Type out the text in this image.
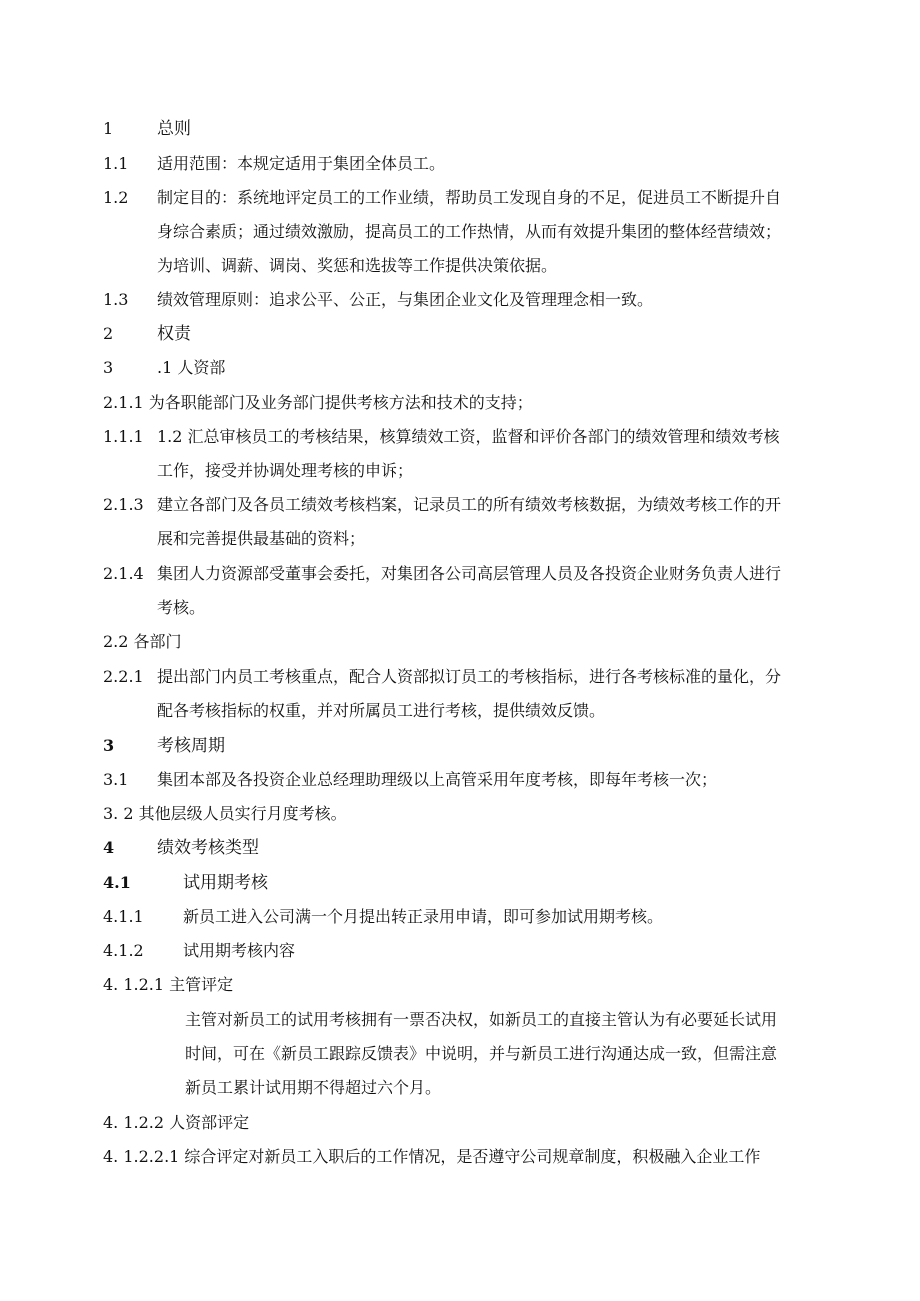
1	总则
1.1 适用范围：本规定适用于集团全体员工。
1.2 制定目的：系统地评定员工的工作业绩，帮助员工发现自身的不足，促进员工不断提升自
身综合素质；通过绩效激励，提高员工的工作热情，从而有效提升集团的整体经营绩效；
为培训、调薪、调岗、奖惩和选拔等工作提供决策依据。
1.3 绩效管理原则：追求公平、公正，与集团企业文化及管理理念相一致。
2	权责
3	.1 人资部
2.1.1 为各职能部门及业务部门提供考核方法和技术的支持；
1.1.1 1.2 汇总审核员工的考核结果，核算绩效工资，监督和评价各部门的绩效管理和绩效考核
工作，接受并协调处理考核的申诉；
2.1.3 建立各部门及各员工绩效考核档案，记录员工的所有绩效考核数据，为绩效考核工作的开
展和完善提供最基础的资料；
2.1.4 集团人力资源部受董事会委托，对集团各公司高层管理人员及各投资企业财务负责人进行
考核。
2.2 各部门
2.2.1 提出部门内员工考核重点，配合人资部拟订员工的考核指标，进行各考核标准的量化，分
配各考核指标的权重，并对所属员工进行考核，提供绩效反馈。
3	考核周期
3.1 集团本部及各投资企业总经理助理级以上高管采用年度考核，即每年考核一次；
3. 2 其他层级人员实行月度考核。
4	绩效考核类型
4.1	试用期考核
4.1.1 新员工进入公司满一个月提出转正录用申请，即可参加试用期考核。
4.1.2 试用期考核内容
4. 1.2.1 主管评定
主管对新员工的试用考核拥有一票否决权，如新员工的直接主管认为有必要延长试用
时间，可在《新员工跟踪反馈表》中说明，并与新员工进行沟通达成一致，但需注意
新员工累计试用期不得超过六个月。
4. 1.2.2 人资部评定
4. 1.2.2.1 综合评定对新员工入职后的工作情况，是否遵守公司规章制度，积极融入企业工作
